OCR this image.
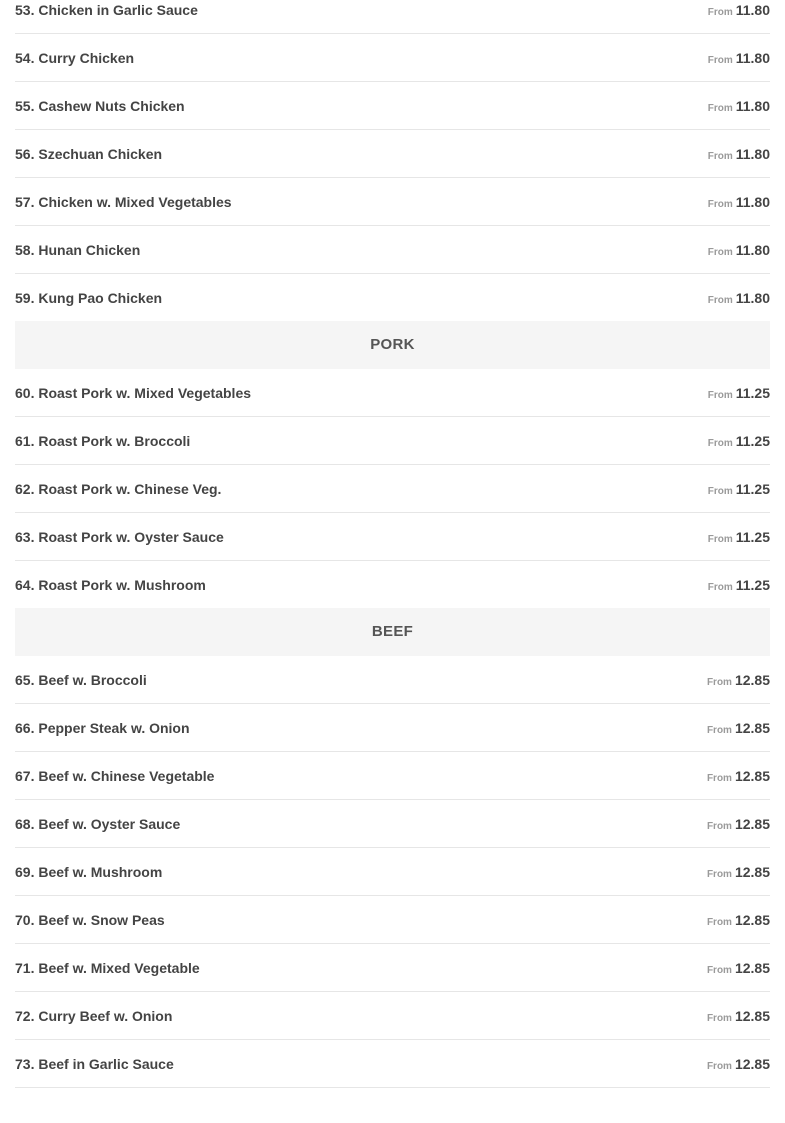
53. Chicken in Garlic Sauce	From 11.80
54. Curry Chicken	From 11.80
55. Cashew Nuts Chicken	From 11.80
56. Szechuan Chicken	From 11.80
57. Chicken w. Mixed Vegetables	From 11.80
58. Hunan Chicken	From 11.80
59. Kung Pao Chicken	From 11.80
PORK
60. Roast Pork w. Mixed Vegetables	From 11.25
61. Roast Pork w. Broccoli	From 11.25
62. Roast Pork w. Chinese Veg.	From 11.25
63. Roast Pork w. Oyster Sauce	From 11.25
64. Roast Pork w. Mushroom	From 11.25
BEEF
65. Beef w. Broccoli	From 12.85
66. Pepper Steak w. Onion	From 12.85
67. Beef w. Chinese Vegetable	From 12.85
68. Beef w. Oyster Sauce	From 12.85
69. Beef w. Mushroom	From 12.85
70. Beef w. Snow Peas	From 12.85
71. Beef w. Mixed Vegetable	From 12.85
72. Curry Beef w. Onion	From 12.85
73. Beef in Garlic Sauce	From 12.85
